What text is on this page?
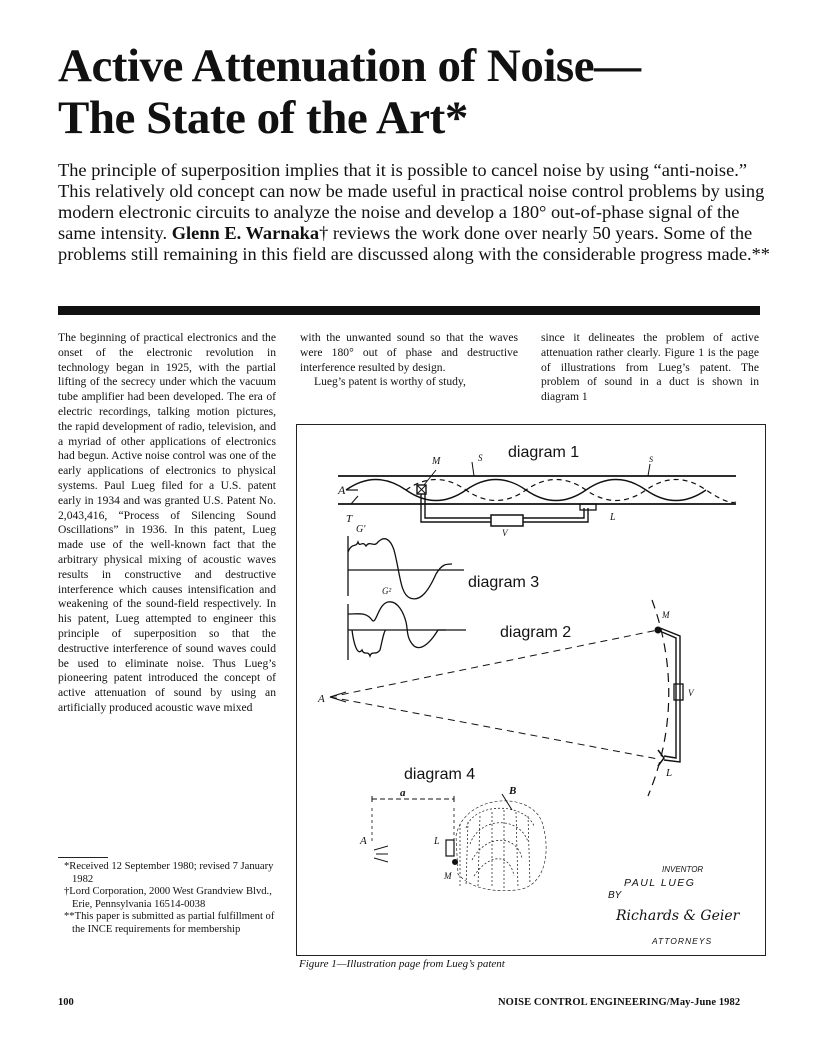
Active Attenuation of Noise—
The State of the Art*

The principle of superposition implies that it is possible to cancel noise by using “anti-noise.” This relatively old concept can now be made useful in practical noise control problems by using modern electronic circuits to analyze the noise and develop a 180° out-of-phase signal of the same intensity. Glenn E. Warnaka† reviews the work done over nearly 50 years. Some of the problems still remaining in this field are discussed along with the considerable progress made.**

The beginning of practical electronics and the onset of the electronic revolution in technology began in 1925, with the partial lifting of the secrecy under which the vacuum tube amplifier had been developed. The era of electric recordings, talking motion pictures, the rapid development of radio, television, and a myriad of other applications of electronics had begun. Active noise control was one of the early applications of electronics to physical systems. Paul Lueg filed for a U.S. patent early in 1934 and was granted U.S. Patent No. 2,043,416, “Process of Silencing Sound Oscillations” in 1936. In this patent, Lueg made use of the well-known fact that the arbitrary physical mixing of acoustic waves results in constructive and destructive interference which causes intensification and weakening of the sound-field respectively. In his patent, Lueg attempted to engineer this principle of superposition so that the destructive interference of sound waves could be used to eliminate noise. Thus Lueg’s pioneering patent introduced the concept of active attenuation of sound by using an artificially produced acoustic wave mixed

with the unwanted sound so that the waves were 180° out of phase and destructive interference resulted by design.

Lueg’s patent is worthy of study,

since it delineates the problem of active attenuation rather clearly. Figure 1 is the page of illustrations from Lueg’s patent. The problem of sound in a duct is shown in diagram 1

*Received 12 September 1980; revised 7 January 1982

†Lord Corporation, 2000 West Grandview Blvd., Erie, Pennsylvania 16514-0038

**This paper is submitted as partial fulfillment of the INCE requirements for membership

diagram 1
M	S	S
A
T
V
L
diagram 3
G'
G²
diagram 2
A
M
V
L
diagram 4
B
a
A	L
M
INVENTOR
PAUL LUEG
BY
Richards & Geier
ATTORNEYS
Figure 1—Illustration page from Lueg’s patent
100	NOISE CONTROL ENGINEERING/May-June 1982
